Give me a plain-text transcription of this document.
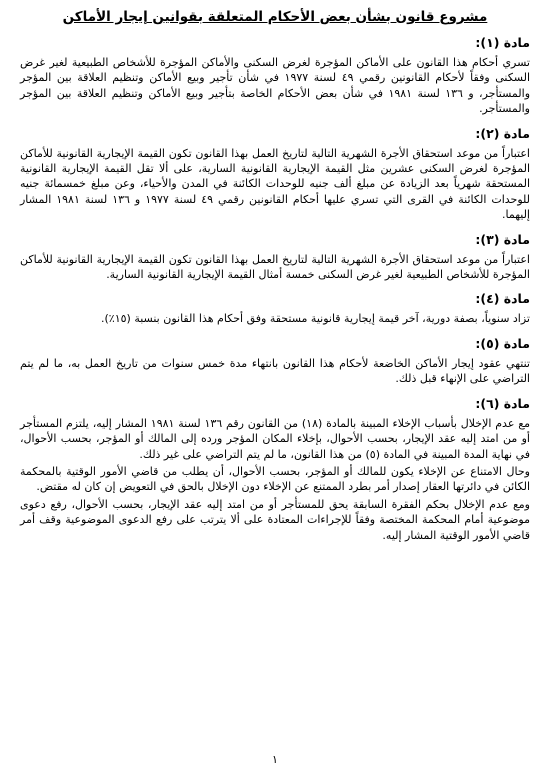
مشروع قانون بشأن بعض الأحكام المتعلقة بقوانين إيجار الأماكن
مادة (١):

تسري أحكام هذا القانون على الأماكن المؤجرة لغرض السكنى والأماكن المؤجرة للأشخاص الطبيعية لغير غرض السكنى وفقاً لأحكام القانونين رقمي ٤٩ لسنة ١٩٧٧ في شأن تأجير وبيع الأماكن وتنظيم العلاقة بين المؤجر والمستأجر، و ١٣٦ لسنة ١٩٨١ في شأن بعض الأحكام الخاصة بتأجير وبيع الأماكن وتنظيم العلاقة بين المؤجر والمستأجر.

مادة (٢):

اعتباراً من موعد استحقاق الأجرة الشهرية التالية لتاريخ العمل بهذا القانون تكون القيمة الإيجارية القانونية للأماكن المؤجرة لغرض السكنى عشرين مثل القيمة الإيجارية القانونية السارية، على ألا تقل القيمة الإيجارية القانونية المستحقة شهرياً بعد الزيادة عن مبلغ ألف جنيه للوحدات الكائنة في المدن والأحياء، وعن مبلغ خمسمائة جنيه للوحدات الكائنة في القرى التي تسري عليها أحكام القانونين رقمي ٤٩ لسنة ١٩٧٧ و ١٣٦ لسنة ١٩٨١ المشار إليهما.

مادة (٣):

اعتباراً من موعد استحقاق الأجرة الشهرية التالية لتاريخ العمل بهذا القانون تكون القيمة الإيجارية القانونية للأماكن المؤجرة للأشخاص الطبيعية لغير غرض السكنى خمسة أمثال القيمة الإيجارية القانونية السارية.

مادة (٤):

تزاد سنوياً، بصفة دورية، آخر قيمة إيجارية قانونية مستحقة وفق أحكام هذا القانون بنسبة (١٥٪).

مادة (٥):

تنتهي عقود إيجار الأماكن الخاضعة لأحكام هذا القانون بانتهاء مدة خمس سنوات من تاريخ العمل به، ما لم يتم التراضي على الإنهاء قبل ذلك.

مادة (٦):

مع عدم الإخلال بأسباب الإخلاء المبينة بالمادة (١٨) من القانون رقم ١٣٦ لسنة ١٩٨١ المشار إليه، يلتزم المستأجر أو من امتد إليه عقد الإيجار، بحسب الأحوال، بإخلاء المكان المؤجر ورده إلى المالك أو المؤجر، بحسب الأحوال، في نهاية المدة المبينة في المادة (٥) من هذا القانون، ما لم يتم التراضي على غير ذلك.

وحال الامتناع عن الإخلاء يكون للمالك أو المؤجر، بحسب الأحوال، أن يطلب من قاضي الأمور الوقتية بالمحكمة الكائن في دائرتها العقار إصدار أمر بطرد الممتنع عن الإخلاء دون الإخلال بالحق في التعويض إن كان له مقتض.

ومع عدم الإخلال بحكم الفقرة السابقة يحق للمستأجر أو من امتد إليه عقد الإيجار، بحسب الأحوال، رفع دعوى موضوعية أمام المحكمة المختصة وفقاً للإجراءات المعتادة على ألا يترتب على رفع الدعوى الموضوعية وقف أمر قاضي الأمور الوقتية المشار إليه.

١
